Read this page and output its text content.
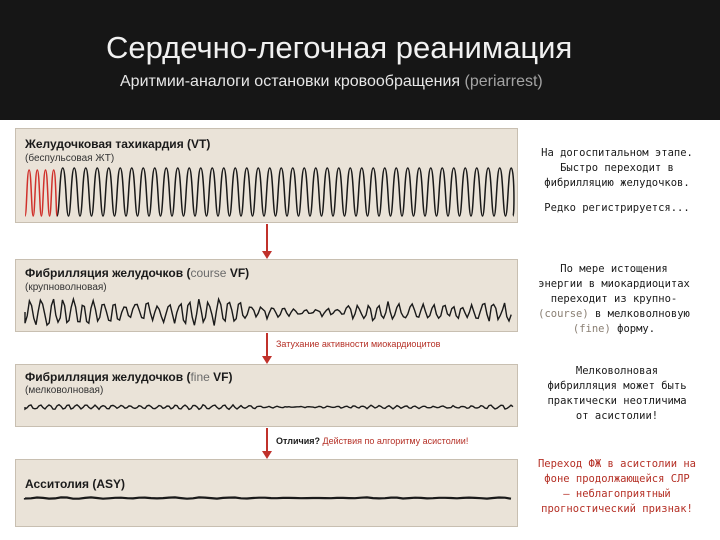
Сердечно-легочная реанимация
Аритмии-аналоги остановки кровообращения (periarrest)
Желудочковая тахикардия (VT)
(беспульсовая ЖТ)
Фибрилляция желудочков (course VF)
(крупноволновая)
Затухание активности миокардиоцитов
Фибрилляция желудочков (fine VF)
(мелковолновая)
Отличия? Действия по алгоритму асистолии!
Асситолия (ASY)
На догоспитальном этапе.
Быстро переходит в
фибрилляцию желудочков.
Редко регистрируется...
По мере истощения
энергии в миокардиоцитах
переходит из крупно-
(course) в мелковолновую
(fine) форму.
Мелковолновая
фибрилляция может быть
практически неотличима
от асистолии!
Переход ФЖ в асистолии на
фоне продолжающейся СЛР
– неблагоприятный
прогностический признак!
